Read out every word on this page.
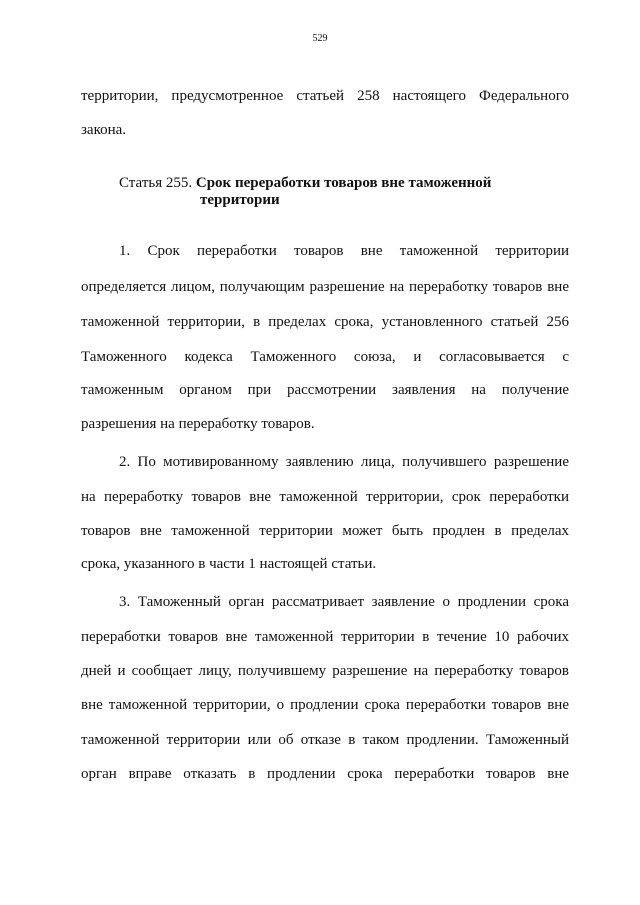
529
территории, предусмотренное статьей 258 настоящего Федерального
закона.
Статья 255. Срок переработки товаров вне таможенной
территории
1. Срок переработки товаров вне таможенной территории
определяется лицом, получающим разрешение на переработку товаров вне
таможенной территории, в пределах срока, установленного статьей 256
Таможенного кодекса Таможенного союза, и согласовывается с
таможенным органом при рассмотрении заявления на получение
разрешения на переработку товаров.
2. По мотивированному заявлению лица, получившего разрешение
на переработку товаров вне таможенной территории, срок переработки
товаров вне таможенной территории может быть продлен в пределах
срока, указанного в части 1 настоящей статьи.
3. Таможенный орган рассматривает заявление о продлении срока
переработки товаров вне таможенной территории в течение 10 рабочих
дней и сообщает лицу, получившему разрешение на переработку товаров
вне таможенной территории, о продлении срока переработки товаров вне
таможенной территории или об отказе в таком продлении. Таможенный
орган вправе отказать в продлении срока переработки товаров вне
